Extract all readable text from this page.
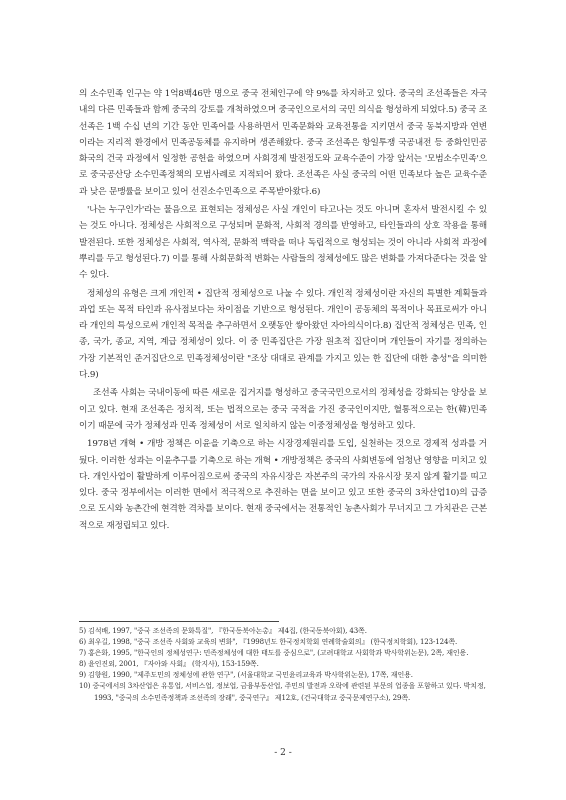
의 소수민족 인구는 약 1억8백46만 명으로 중국 전체인구에 약 9%를 차지하고 있다. 중국의 조선족들은 자국내의 다른 민족들과 함께 중국의 강토를 개척하였으며 중국인으로서의 국민 의식을 형성하게 되었다.5) 중국 조선족은 1백 수십 년의 기간 동안 민족어를 사용하면서 민족문화와 교육전통을 지키면서 중국 동북지방과 연변이라는 지리적 환경에서 민족공동체를 유지하며 생존해왔다. 중국 조선족은 항일투쟁 국공내전 등 중화인민공화국의 건국 과정에서 일정한 공헌을 하였으며 사회경제 발전정도와 교육수준이 가장 앞서는 '모범소수민족'으로 중국공산당 소수민족정책의 모범사례로 지적되어 왔다. 조선족은 사실 중국의 어떤 민족보다 높은 교육수준과 낮은 문맹률을 보이고 있어 선진소수민족으로 주목받아왔다.6)

'나는 누구인가'라는 물음으로 표현되는 정체성은 사실 개인이 타고나는 것도 아니며 혼자서 발전시킬 수 있는 것도 아니다. 정체성은 사회적으로 구성되며 문화적, 사회적 경의를 반영하고, 타인들과의 상호 작용을 통해 발전된다. 또한 정체성은 사회적, 역사적, 문화적 맥락을 떠나 독립적으로 형성되는 것이 아니라 사회적 과정에 뿌리를 두고 형성된다.7) 이를 통해 사회문화적 변화는 사람들의 정체성에도 많은 변화를 가져다준다는 것을 알 수 있다.

정체성의 유형은 크게 개인적 • 집단적 정체성으로 나눌 수 있다. 개인적 정체성이란 자신의 특별한 계획들과 과업 또는 목적 타인과 유사점보다는 차이점을 기반으로 형성된다. 개인이 공동체의 목적이나 목표로써가 아니라 개인의 특성으로써 개인적 목적을 추구하면서 오랫동안 쌓아왔던 자아의식이다.8) 집단적 정체성은 민족, 인종, 국가, 종교, 지역, 계급 정체성이 있다. 이 중 민족집단은 가장 원초적 집단이며 개인들이 자기를 정의하는 가장 기본적인 준거집단으로 민족정체성이란 "조상 대대로 관계를 가지고 있는 한 집단에 대한 충성"을 의미한다.9)

조선족 사회는 국내이동에 따른 새로운 집거지를 형성하고 중국국민으로서의 정체성을 강화되는 양상을 보이고 있다. 현재 조선족은 정치적, 또는 법적으로는 중국 국적을 가진 중국인이지만, 혈통적으로는 한(韓)민족이기 때문에 국가 정체성과 민족 정체성이 서로 일치하지 않는 이중정체성을 형성하고 있다.

1978년 개혁 • 개방 정책은 이윤을 기축으로 하는 시장경제원리를 도입, 실천하는 것으로 경제적 성과를 거뒀다. 이러한 성과는 이윤추구를 기축으로 하는 개혁 • 개방정책은 중국의 사회변동에 엄청난 영향을 미치고 있다. 개인사업이 활발하게 이루어짐으로써 중국의 자유시장은 자본주의 국가의 자유시장 못지 않게 활기를 띠고 있다. 중국 정부에서는 이러한 면에서 적극적으로 추진하는 면을 보이고 있고 또한 중국의 3차산업10)의 급증으로 도시와 농촌간에 현격한 격차를 보이다. 현재 중국에서는 전통적인 농촌사회가 무너지고 그 가치관은 근본적으로 재정립되고 있다.

5) 김석배, 1997, "중국 조선족의 문화특질", 『한국동북아논총』 제4집, (한국동북아회), 43쪽.

6) 최우길, 1998, "중국 조선족 사회와 교육의 변화", 『1998년도 한국정치학회 연례학술회의』 (한국정치학회), 123-124쪽.

7) 홍은화, 1995, "한국인의 정체성연구: 민족정체성에 대한 태도를 중심으로", (고려대학교 사회학과 박사학위논문), 2쪽, 재인용.

8) 윤인진외, 2001, 『자아와 사회』 (학지사), 153-159쪽.

9) 김향원, 1990, "제주도민의 정체성에 관한 연구", (서울대학교 국민윤리교육과 박사학위논문), 17쪽, 재인용.

10) 중국에서의 3차산업은 유통업, 서비스업, 정보업, 금융부동산업, 주민의 발전과 오락에 관련된 부문의 업종을 포함하고 있다. 박치정, 1993, "중국의 소수민족정책과 조선족의 장래", 중국연구』 제12호, (건국대학교 중국문제연구소), 29쪽.

- 2 -
